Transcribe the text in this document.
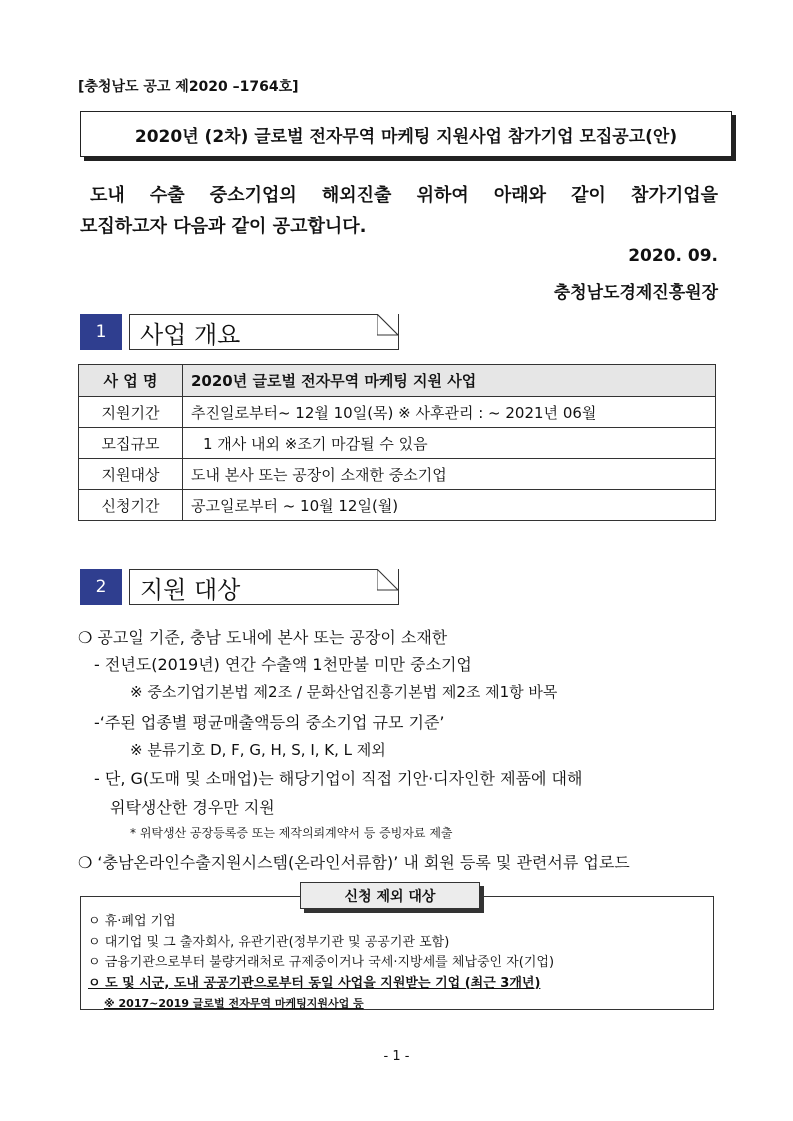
[충청남도 공고 제2020 –1764호]
2020년 (2차) 글로벌 전자무역 마케팅 지원사업 참가기업 모집공고(안)

도내 수출 중소기업의 해외진출 위하여 아래와 같이 참가기업을

모집하고자 다음과 같이 공고합니다.

2020. 09.
충청남도경제진흥원장
1 사업 개요
사 업 명	2020년 글로벌 전자무역 마케팅 지원 사업
지원기간	추진일로부터~ 12월 10일(목) ※ 사후관리 : ~ 2021년 06월
모집규모	1 개사 내외 ※조기 마감될 수 있음
지원대상	도내 본사 또는 공장이 소재한 중소기업
신청기간	공고일로부터 ~ 10월 12일(월)
2 지원 대상
❍ 공고일 기준, 충남 도내에 본사 또는 공장이 소재한
- 전년도(2019년) 연간 수출액 1천만불 미만 중소기업
※ 중소기업기본법 제2조 / 문화산업진흥기본법 제2조 제1항 바목
-‘주된 업종별 평균매출액등의 중소기업 규모 기준’
※ 분류기호 D, F, G, H, S, I, K, L 제외
- 단, G(도매 및 소매업)는 해당기업이 직접 기안·디자인한 제품에 대해
위탁생산한 경우만 지원
* 위탁생산 공장등록증 또는 제작의뢰계약서 등 증빙자료 제출
❍ ‘충남온라인수출지원시스템(온라인서류함)’ 내 회원 등록 및 관련서류 업로드
신청 제외 대상
ㅇ 휴·폐업 기업
ㅇ 대기업 및 그 출자회사, 유관기관(정부기관 및 공공기관 포함)
ㅇ 금융기관으로부터 불량거래처로 규제중이거나 국세·지방세를 체납중인 자(기업)
ㅇ 도 및 시군, 도내 공공기관으로부터 동일 사업을 지원받는 기업 (최근 3개년)
※ 2017~2019 글로벌 전자무역 마케팅지원사업 등
- 1 -
